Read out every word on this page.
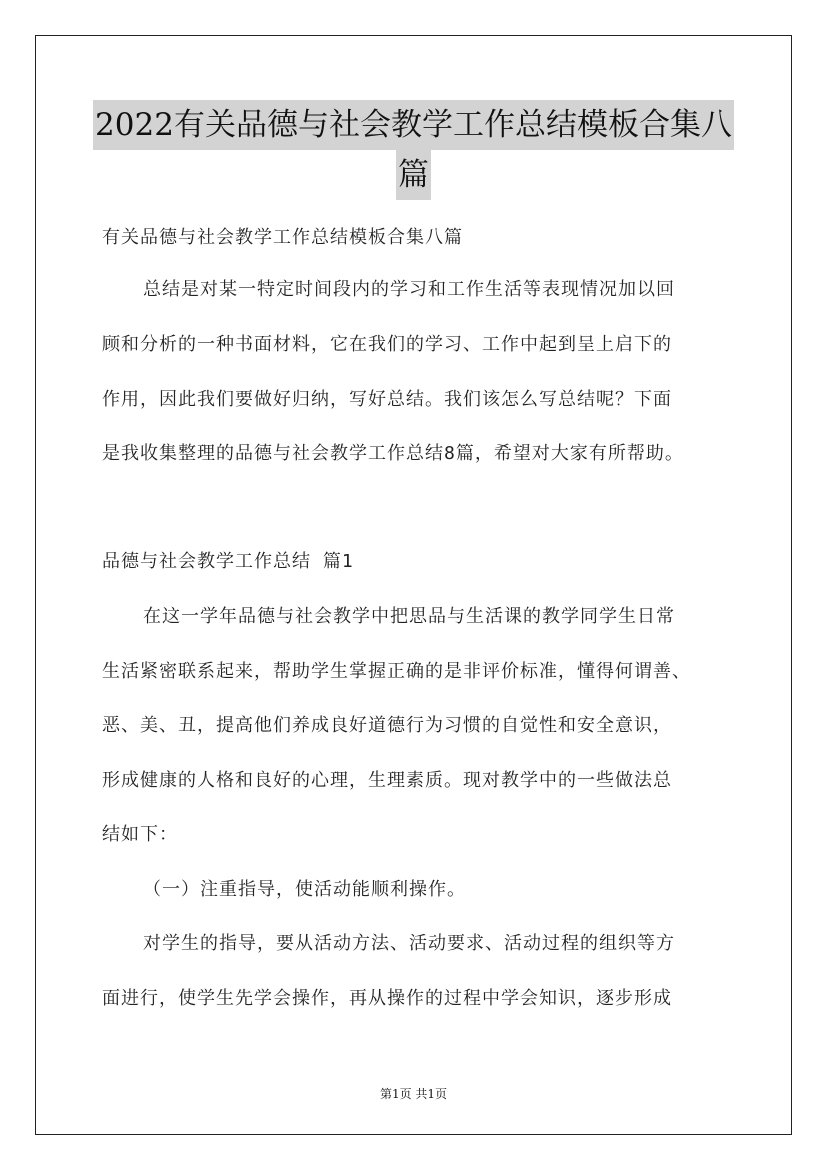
2022有关品德与社会教学工作总结模板合集八
篇
有关品德与社会教学工作总结模板合集八篇
总结是对某一特定时间段内的学习和工作生活等表现情况加以回
顾和分析的一种书面材料，它在我们的学习、工作中起到呈上启下的
作用，因此我们要做好归纳，写好总结。我们该怎么写总结呢？下面
是我收集整理的品德与社会教学工作总结8篇，希望对大家有所帮助。
品德与社会教学工作总结 篇1
在这一学年品德与社会教学中把思品与生活课的教学同学生日常
生活紧密联系起来，帮助学生掌握正确的是非评价标准，懂得何谓善、
恶、美、丑，提高他们养成良好道德行为习惯的自觉性和安全意识，
形成健康的人格和良好的心理，生理素质。现对教学中的一些做法总
结如下：
（一）注重指导，使活动能顺利操作。
对学生的指导，要从活动方法、活动要求、活动过程的组织等方
面进行，使学生先学会操作，再从操作的过程中学会知识，逐步形成
第1页 共1页
